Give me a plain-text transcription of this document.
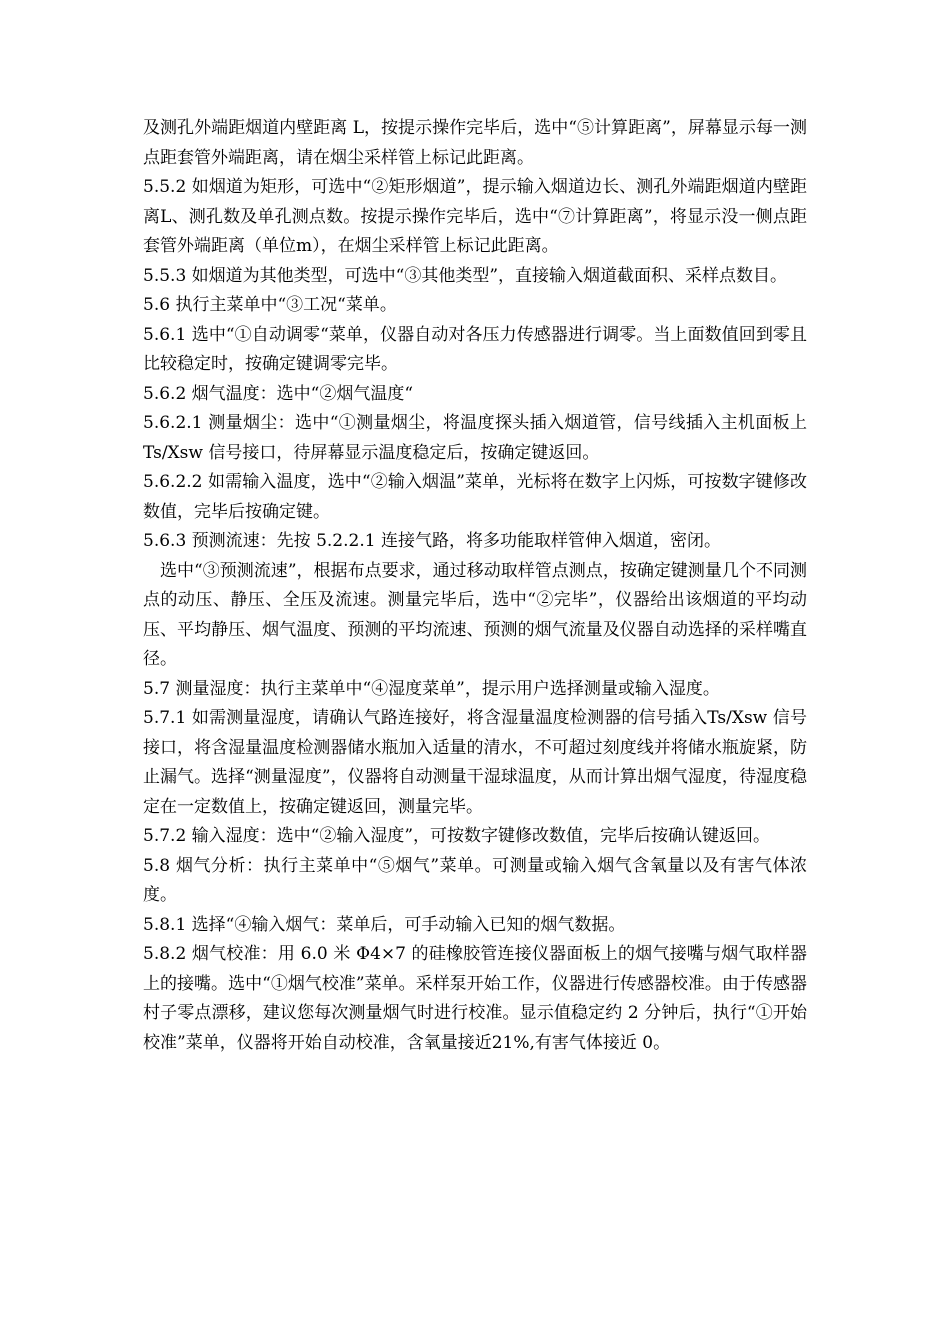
及测孔外端距烟道内壁距离 L，按提示操作完毕后，选中“⑤计算距离”，屏幕显示每一测点距套管外端距离，请在烟尘采样管上标记此距离。

5.5.2 如烟道为矩形，可选中“②矩形烟道”，提示输入烟道边长、测孔外端距烟道内壁距离L、测孔数及单孔测点数。按提示操作完毕后，选中“⑦计算距离”，将显示没一侧点距套管外端距离（单位m），在烟尘采样管上标记此距离。

5.5.3 如烟道为其他类型，可选中“③其他类型”，直接输入烟道截面积、采样点数目。

5.6 执行主菜单中“③工况“菜单。

5.6.1 选中“①自动调零“菜单，仪器自动对各压力传感器进行调零。当上面数值回到零且比较稳定时，按确定键调零完毕。

5.6.2 烟气温度：选中“②烟气温度“

5.6.2.1 测量烟尘：选中“①测量烟尘，将温度探头插入烟道管，信号线插入主机面板上 Ts/Xsw 信号接口，待屏幕显示温度稳定后，按确定键返回。

5.6.2.2 如需输入温度，选中“②输入烟温”菜单，光标将在数字上闪烁，可按数字键修改数值，完毕后按确定键。

5.6.3 预测流速：先按 5.2.2.1 连接气路，将多功能取样管伸入烟道，密闭。

选中“③预测流速”，根据布点要求，通过移动取样管点测点，按确定键测量几个不同测点的动压、静压、全压及流速。测量完毕后，选中“②完毕”，仪器给出该烟道的平均动压、平均静压、烟气温度、预测的平均流速、预测的烟气流量及仪器自动选择的采样嘴直径。

5.7 测量湿度：执行主菜单中“④湿度菜单”，提示用户选择测量或输入湿度。

5.7.1 如需测量湿度，请确认气路连接好，将含湿量温度检测器的信号插入Ts/Xsw 信号接口，将含湿量温度检测器储水瓶加入适量的清水，不可超过刻度线并将储水瓶旋紧，防止漏气。选择“测量湿度”，仪器将自动测量干湿球温度，从而计算出烟气湿度，待湿度稳定在一定数值上，按确定键返回，测量完毕。

5.7.2 输入湿度：选中“②输入湿度”，可按数字键修改数值，完毕后按确认键返回。

5.8 烟气分析：执行主菜单中“⑤烟气”菜单。可测量或输入烟气含氧量以及有害气体浓度。

5.8.1 选择“④输入烟气：菜单后，可手动输入已知的烟气数据。

5.8.2 烟气校准：用 6.0 米 Φ4×7 的硅橡胶管连接仪器面板上的烟气接嘴与烟气取样器上的接嘴。选中“①烟气校准”菜单。采样泵开始工作，仪器进行传感器校准。由于传感器村子零点漂移，建议您每次测量烟气时进行校准。显示值稳定约 2 分钟后，执行“①开始校准”菜单，仪器将开始自动校准，含氧量接近21%,有害气体接近 0。
